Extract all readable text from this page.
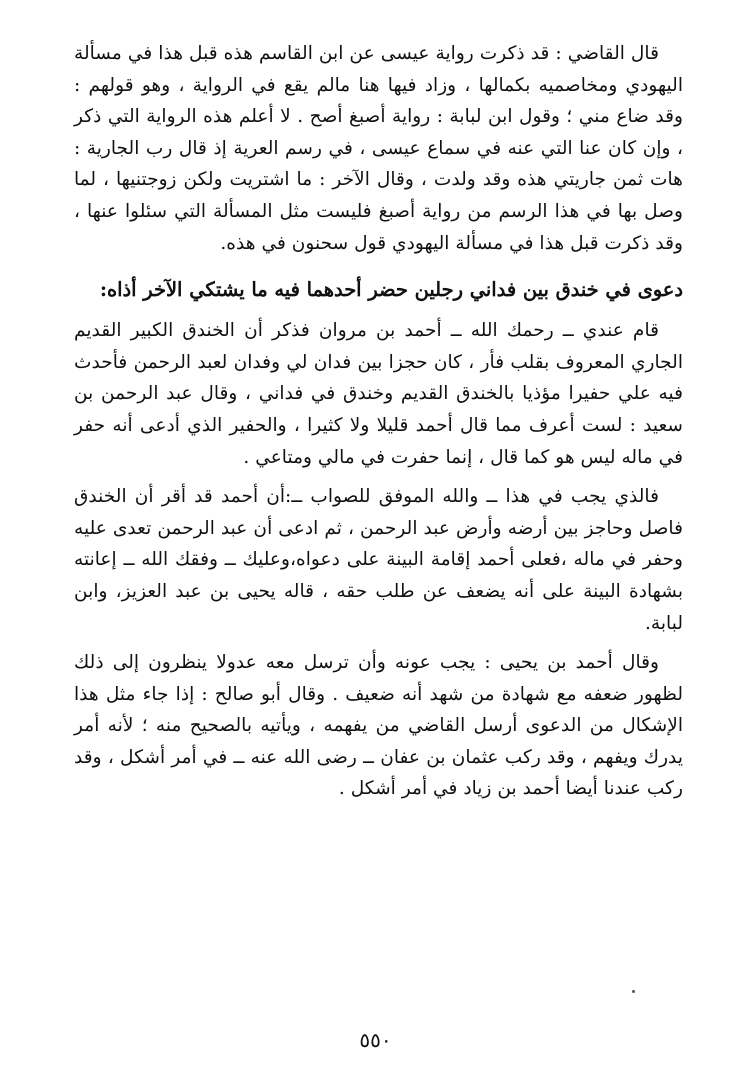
قال القاضي : قد ذكرت رواية عيسى عن ابن القاسم هذه قبل هذا في مسألة اليهودي ومخاصميه بكمالها ، وزاد فيها هنا مالم يقع في الرواية ، وهو قولهم : وقد ضاع مني ؛ وقول ابن لبابة : رواية أصبغ أصح . لا أعلم هذه الرواية التي ذكر ، وإن كان عنا التي عنه في سماع عيسى ، في رسم العرية إذ قال رب الجارية : هات ثمن جاريتي هذه وقد ولدت ، وقال الآخر : ما اشتريت ولكن زوجتنيها ، لما وصل بها في هذا الرسم من رواية أصبغ فليست مثل المسألة التي سئلوا عنها ، وقد ذكرت قبل هذا في مسألة اليهودي قول سحنون في هذه.

دعوى في خندق بين فداني رجلين حضر أحدهما فيه ما يشتكي الآخر أذاه:

قام عندي ــ رحمك الله ــ أحمد بن مروان فذكر أن الخندق الكبير القديم الجاري المعروف بقلب فأر ، كان حجزا بين فدان لي وفدان لعبد الرحمن فأحدث فيه علي حفيرا مؤذيا بالخندق القديم وخندق في فداني ، وقال عبد الرحمن بن سعيد : لست أعرف مما قال أحمد قليلا ولا كثيرا ، والحفير الذي أدعى أنه حفر في ماله ليس هو كما قال ، إنما حفرت في مالي ومتاعي .

فالذي يجب في هذا ــ والله الموفق للصواب ــ:أن أحمد قد أقر أن الخندق فاصل وحاجز بين أرضه وأرض عبد الرحمن ، ثم ادعى أن عبد الرحمن تعدى عليه وحفر في ماله ،فعلى أحمد إقامة البينة على دعواه،وعليك ــ وفقك الله ــ إعانته بشهادة البينة على أنه يضعف عن طلب حقه ، قاله يحيى بن عبد العزيز، وابن لبابة.

وقال أحمد بن يحيى : يجب عونه وأن ترسل معه عدولا ينظرون إلى ذلك لظهور ضعفه مع شهادة من شهد أنه ضعيف . وقال أبو صالح : إذا جاء مثل هذا الإشكال من الدعوى أرسل القاضي من يفهمه ، ويأتيه بالصحيح منه ؛ لأنه أمر يدرك ويفهم ، وقد ركب عثمان بن عفان ــ رضى الله عنه ــ في أمر أشكل ، وقد ركب عندنا أيضا أحمد بن زياد في أمر أشكل .

٥٥٠
